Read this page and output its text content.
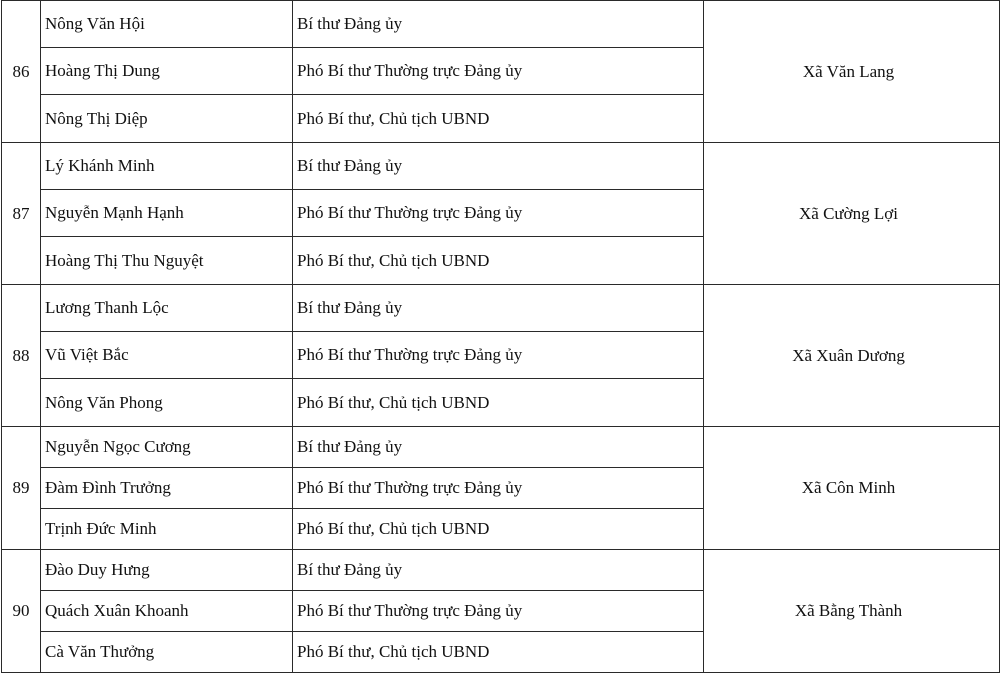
86	Nông Văn Hội	Bí thư Đảng ủy	Xã Văn Lang
	Hoàng Thị Dung	Phó Bí thư Thường trực Đảng ủy	
	Nông Thị Diệp	Phó Bí thư, Chủ tịch UBND	
87	Lý Khánh Minh	Bí thư Đảng ủy	Xã Cường Lợi
	Nguyễn Mạnh Hạnh	Phó Bí thư Thường trực Đảng ủy	
	Hoàng Thị Thu Nguyệt	Phó Bí thư, Chủ tịch UBND	
88	Lương Thanh Lộc	Bí thư Đảng ủy	Xã Xuân Dương
	Vũ Việt Bắc	Phó Bí thư Thường trực Đảng ủy	
	Nông Văn Phong	Phó Bí thư, Chủ tịch UBND	
89	Nguyễn Ngọc Cương	Bí thư Đảng ủy	Xã Côn Minh
	Đàm Đình Trưởng	Phó Bí thư Thường trực Đảng ủy	
	Trịnh Đức Minh	Phó Bí thư, Chủ tịch UBND	
90	Đào Duy Hưng	Bí thư Đảng ủy	Xã Bằng Thành
	Quách Xuân Khoanh	Phó Bí thư Thường trực Đảng ủy	
	Cà Văn Thưởng	Phó Bí thư, Chủ tịch UBND	
